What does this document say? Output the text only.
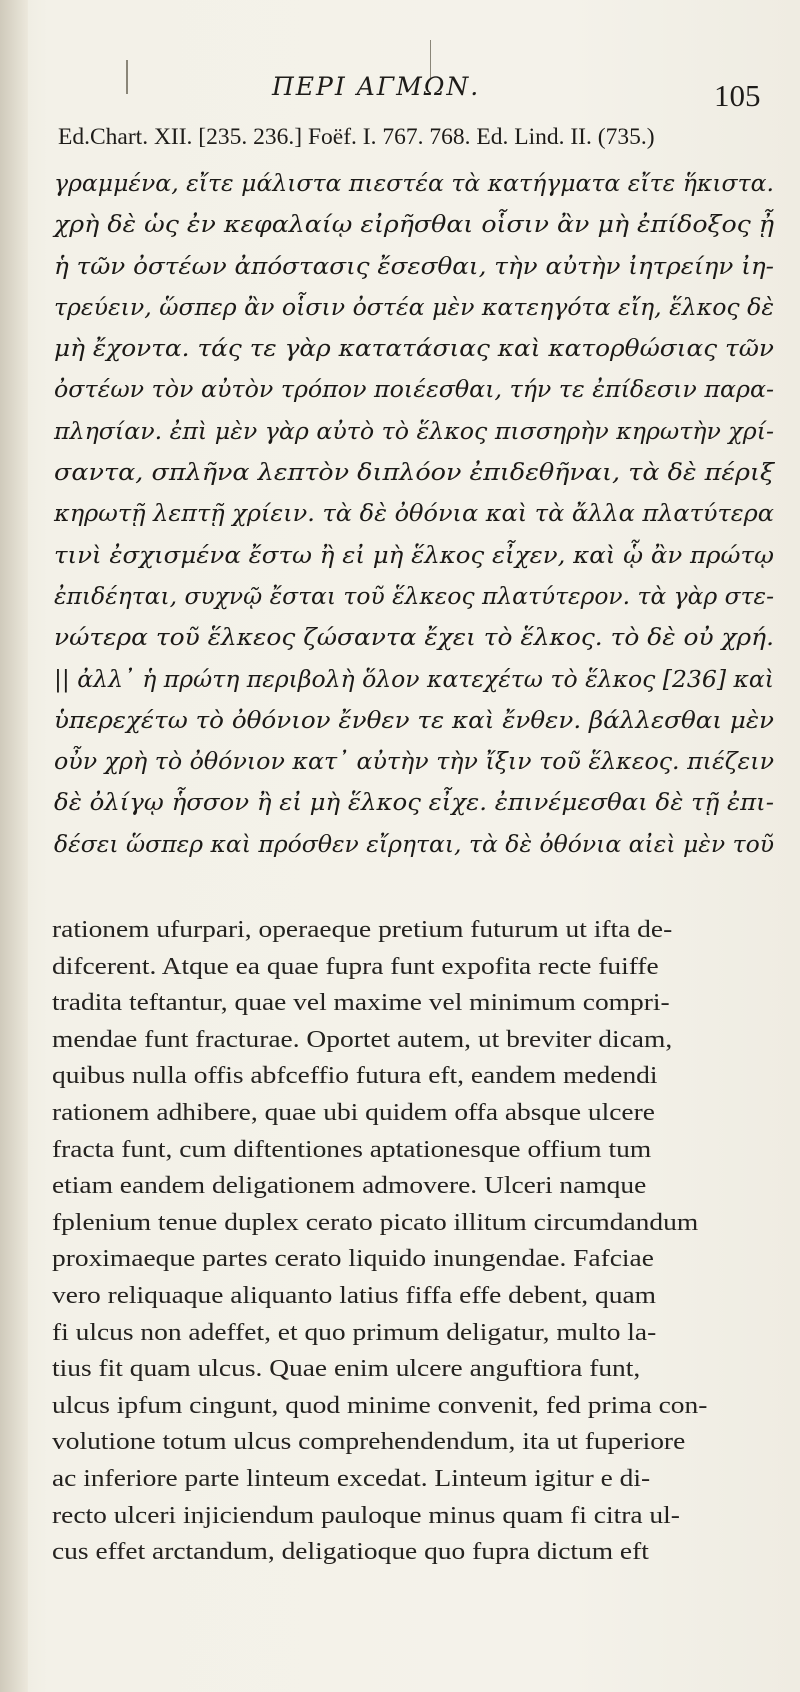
ΠΕΡΙ ΑΓΜΩΝ.	105
Ed.Chart. XII. [235. 236.] Foëf. I. 767. 768. Ed. Lind. II. (735.)
γραμμένα, εἴτε μάλιστα πιεστέα τὰ κατήγματα εἴτε ἥκιστα.
χρὴ δὲ ὡς ἐν κεφαλαίῳ εἰρῆσθαι οἷσιν ἂν μὴ ἐπίδοξος ᾖ
ἡ τῶν ὀστέων ἀπόστασις ἔσεσθαι, τὴν αὐτὴν ἰητρείην ἰη-
τρεύειν, ὥσπερ ἂν οἷσιν ὀστέα μὲν κατεηγότα εἴη, ἕλκος δὲ
μὴ ἔχοντα. τάς τε γὰρ κατατάσιας καὶ κατορθώσιας τῶν
ὀστέων τὸν αὐτὸν τρόπον ποιέεσθαι, τήν τε ἐπίδεσιν παρα-
πλησίαν. ἐπὶ μὲν γὰρ αὐτὸ τὸ ἕλκος πισσηρὴν κηρωτὴν χρί-
σαντα, σπλῆνα λεπτὸν διπλόον ἐπιδεθῆναι, τὰ δὲ πέριξ
κηρωτῇ λεπτῇ χρίειν. τὰ δὲ ὀθόνια καὶ τὰ ἄλλα πλατύτερα
τινὶ ἐσχισμένα ἔστω ἢ εἰ μὴ ἕλκος εἶχεν, καὶ ᾧ ἂν πρώτῳ
ἐπιδέηται, συχνῷ ἔσται τοῦ ἕλκεος πλατύτερον. τὰ γὰρ στε-
νώτερα τοῦ ἕλκεος ζώσαντα ἔχει τὸ ἕλκος. τὸ δὲ οὐ χρή.
|| ἀλλ᾽ ἡ πρώτη περιβολὴ ὅλον κατεχέτω τὸ ἕλκος [236] καὶ
ὑπερεχέτω τὸ ὀθόνιον ἔνθεν τε καὶ ἔνθεν. βάλλεσθαι μὲν
οὖν χρὴ τὸ ὀθόνιον κατ᾽ αὐτὴν τὴν ἴξιν τοῦ ἕλκεος. πιέζειν
δὲ ὀλίγῳ ἧσσον ἢ εἰ μὴ ἕλκος εἶχε. ἐπινέμεσθαι δὲ τῇ ἐπι-
δέσει ὥσπερ καὶ πρόσθεν εἴρηται, τὰ δὲ ὀθόνια αἰεὶ μὲν τοῦ
rationem ufurpari, operaeque pretium futurum ut ifta de-
difcerent. Atque ea quae fupra funt expofita recte fuiffe
tradita teftantur, quae vel maxime vel minimum compri-
mendae funt fracturae. Oportet autem, ut breviter dicam,
quibus nulla offis abfceffio futura eft, eandem medendi
rationem adhibere, quae ubi quidem offa absque ulcere
fracta funt, cum diftentiones aptationesque offium tum
etiam eandem deligationem admovere. Ulceri namque
fplenium tenue duplex cerato picato illitum circumdandum
proximaeque partes cerato liquido inungendae. Fafciae
vero reliquaque aliquanto latius fiffa effe debent, quam
fi ulcus non adeffet, et quo primum deligatur, multo la-
tius fit quam ulcus. Quae enim ulcere anguftiora funt,
ulcus ipfum cingunt, quod minime convenit, fed prima con-
volutione totum ulcus comprehendendum, ita ut fuperiore
ac inferiore parte linteum excedat. Linteum igitur e di-
recto ulceri injiciendum pauloque minus quam fi citra ul-
cus effet arctandum, deligatioque quo fupra dictum eft
